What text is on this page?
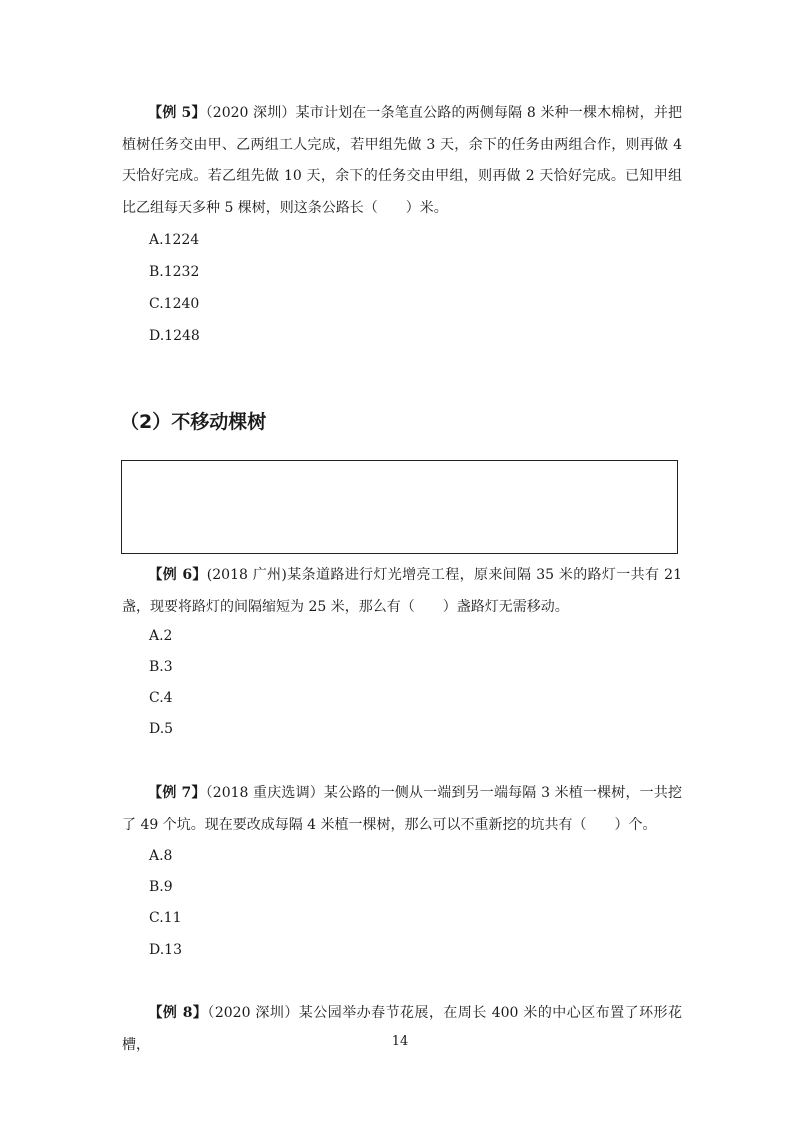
【例 5】（2020 深圳）某市计划在一条笔直公路的两侧每隔 8 米种一棵木棉树，并把植树任务交由甲、乙两组工人完成，若甲组先做 3 天，余下的任务由两组合作，则再做 4 天恰好完成。若乙组先做 10 天，余下的任务交由甲组，则再做 2 天恰好完成。已知甲组比乙组每天多种 5 棵树，则这条公路长（　　）米。

A.1224

B.1232

C.1240

D.1248

（2）不移动棵树

【例 6】(2018 广州)某条道路进行灯光增亮工程，原来间隔 35 米的路灯一共有 21 盏，现要将路灯的间隔缩短为 25 米，那么有（　　）盏路灯无需移动。

A.2

B.3

C.4

D.5

【例 7】（2018 重庆选调）某公路的一侧从一端到另一端每隔 3 米植一棵树，一共挖了 49 个坑。现在要改成每隔 4 米植一棵树，那么可以不重新挖的坑共有（　　）个。

A.8

B.9

C.11

D.13

【例 8】（2020 深圳）某公园举办春节花展，在周长 400 米的中心区布置了环形花槽，	14
